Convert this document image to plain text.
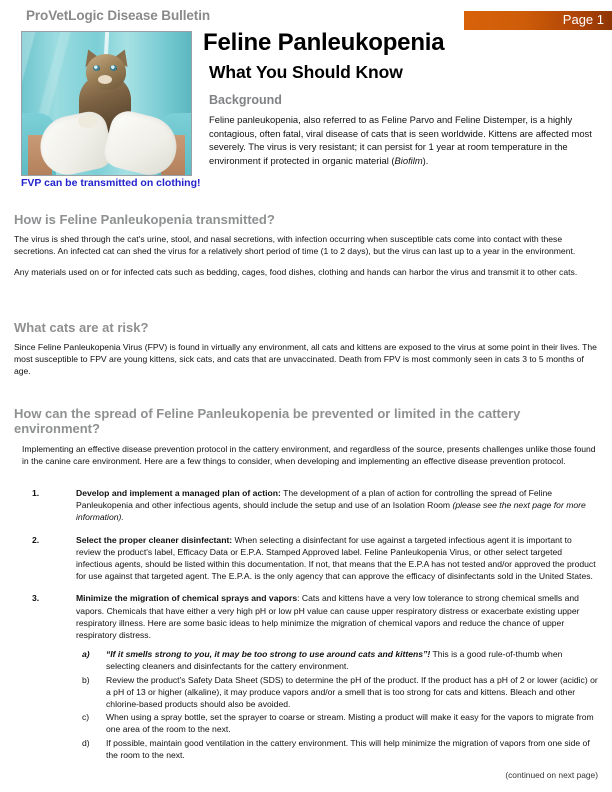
ProVetLogic Disease Bulletin	Page 1
FVP can be transmitted on clothing!
Feline Panleukopenia
What You Should Know
Background

Feline panleukopenia, also referred to as Feline Parvo and Feline Distemper, is a highly contagious, often fatal, viral disease of cats that is seen worldwide. Kittens are affected most severely. The virus is very resistant; it can persist for 1 year at room temperature in the environment if protected in organic material (Biofilm).

How is Feline Panleukopenia transmitted?

The virus is shed through the cat's urine, stool, and nasal secretions, with infection occurring when susceptible cats come into contact with these secretions. An infected cat can shed the virus for a relatively short period of time (1 to 2 days), but the virus can last up to a year in the environment.

Any materials used on or for infected cats such as bedding, cages, food dishes, clothing and hands can harbor the virus and transmit it to other cats.

What cats are at risk?

Since Feline Panleukopenia Virus (FPV) is found in virtually any environment, all cats and kittens are exposed to the virus at some point in their lives. The most susceptible to FPV are young kittens, sick cats, and cats that are unvaccinated. Death from FPV is most commonly seen in cats 3 to 5 months of age.

How can the spread of Feline Panleukopenia be prevented or limited in the cattery environment?

Implementing an effective disease prevention protocol in the cattery environment, and regardless of the source, presents challenges unlike those found in the canine care environment. Here are a few things to consider, when developing and implementing an effective disease prevention protocol.

1.	Develop and implement a managed plan of action: The development of a plan of action for controlling the spread of Feline Panleukopenia and other infectious agents, should include the setup and use of an Isolation Room (please see the next page for more information).
2.	Select the proper cleaner disinfectant: When selecting a disinfectant for use against a targeted infectious agent it is important to review the product's label, Efficacy Data or E.P.A. Stamped Approved label. Feline Panleukopenia Virus, or other select targeted infectious agents, should be listed within this documentation. If not, that means that the E.P.A has not tested and/or approved the product for use against that targeted agent. The E.P.A. is the only agency that can approve the efficacy of disinfectants sold in the United States.
3.	Minimize the migration of chemical sprays and vapors: Cats and kittens have a very low tolerance to strong chemical smells and vapors. Chemicals that have either a very high pH or low pH value can cause upper respiratory distress or exacerbate existing upper respiratory illness. Here are some basic ideas to help minimize the migration of chemical vapors and reduce the chance of upper respiratory distress.
a) “If it smells strong to you, it may be too strong to use around cats and kittens”! This is a good rule-of-thumb when selecting cleaners and disinfectants for the cattery environment.
b) Review the product's Safety Data Sheet (SDS) to determine the pH of the product. If the product has a pH of 2 or lower (acidic) or a pH of 13 or higher (alkaline), it may produce vapors and/or a smell that is too strong for cats and kittens. Bleach and other chlorine-based products should also be avoided.
c) When using a spray bottle, set the sprayer to coarse or stream. Misting a product will make it easy for the vapors to migrate from one area of the room to the next.
d) If possible, maintain good ventilation in the cattery environment. This will help minimize the migration of vapors from one side of the room to the next.
(continued on next page)
